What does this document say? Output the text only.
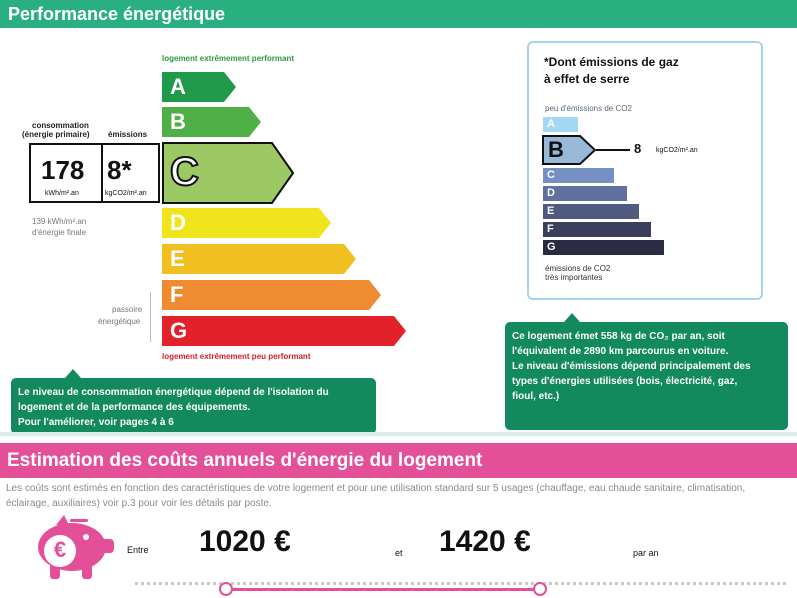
Performance énergétique
logement extrêmement performant
A
B
C
D
E
F
G
logement extrêmement peu performant
consommation
(énergie primaire) émissions
178 8*
kWh/m².an	kgCO2/m².an
139 kWh/m².an
d'énergie finale
passoire
énergétique
*Dont émissions de gaz
à effet de serre
peu d'émissions de CO2
A
B	8 kgCO2/m².an
C
D
E
F
G
émissions de CO2
très importantes
Le niveau de consommation énergétique dépend de l'isolation du
logement et de la performance des équipements.
Pour l'améliorer, voir pages 4 à 6
Ce logement émet 558 kg de CO₂ par an, soit
l'équivalent de 2890 km parcourus en voiture.
Le niveau d'émissions dépend principalement des
types d'énergies utilisées (bois, électricité, gaz,
fioul, etc.)
Estimation des coûts annuels d'énergie du logement
Les coûts sont estimés en fonction des caractéristiques de votre logement et pour une utilisation standard sur 5 usages (chauffage, eau chaude sanitaire, climatisation, éclairage, auxiliaires) voir p.3 pour voir les détails par poste.
€	Entre 1020 €	et 1420 €	par an
